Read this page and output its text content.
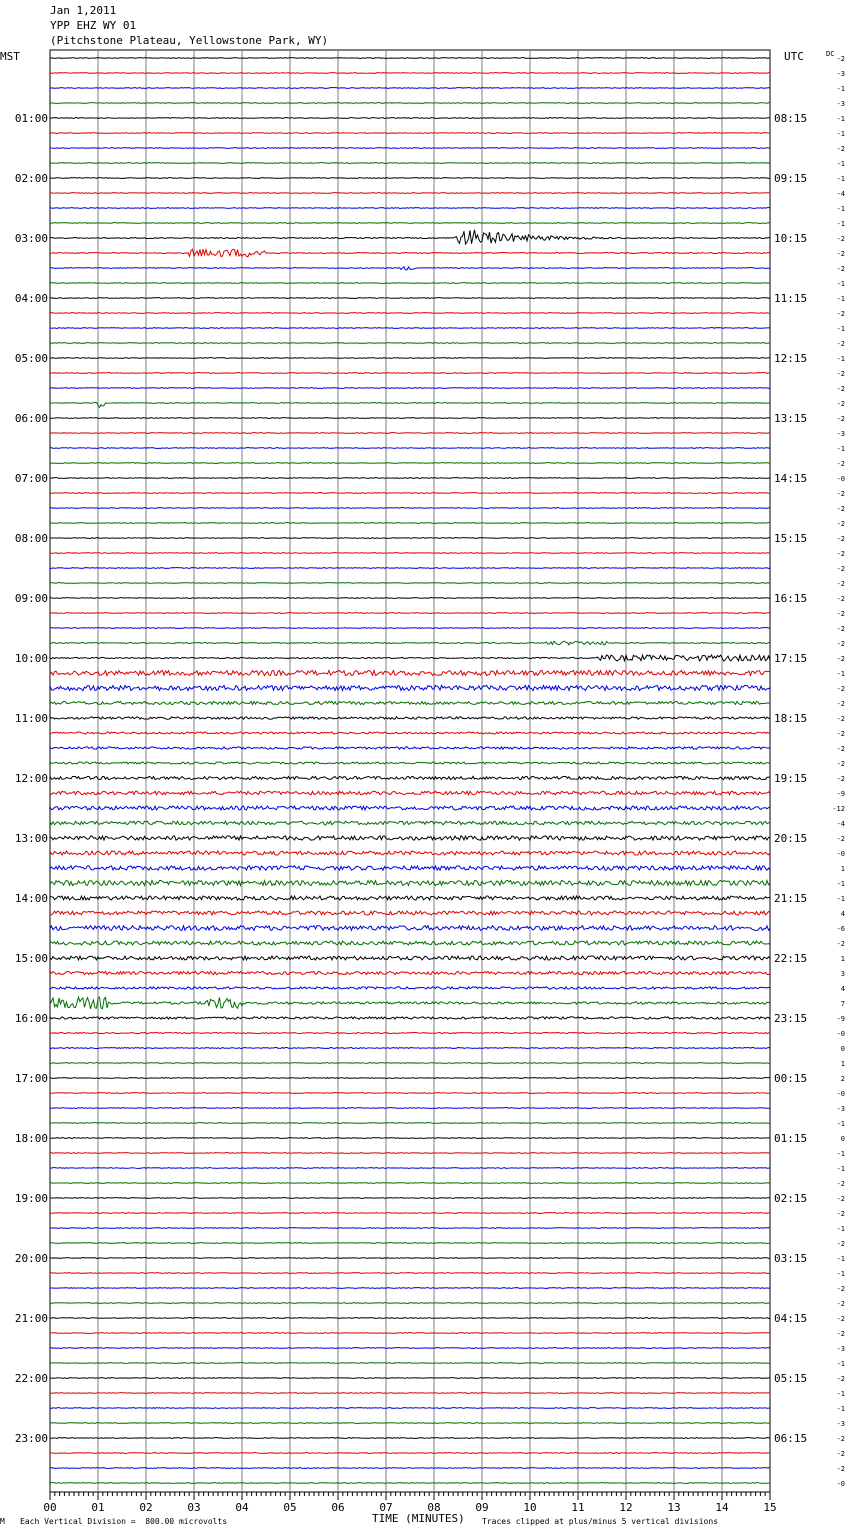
Jan 1,2011
YPP EHZ WY 01
(Pitchstone Plateau, Yellowstone Park, WY)
MST	UTC
M Each Vertical Division =  800.00 microvolts	TIME (MINUTES) Traces clipped at plus/minus 5 vertical divisions
-2
-3
-1
-3
-1
-1
-2
-1
-1
-4
-1
-1
-2
-2
-2
-1
-1
-2
-1
-2
-1
-2
-2
-2
-2
-3
-1
-2
-0
-2
-2
-2
-2
-2
-2
-2
-2
-2
-2
-2
-2
-1
-2
-2
-2
-2
-2
-2
-2
-9
-12
-4
-2
-0
1
-1
-1
4
-6
-2
1
3
4
7
-9
-0
0
1
2
-0
-3
-1
0
-1
-1
-2
-2
-2
-1
-2
-1
-1
-2
-2
-2
-2
-3
-1
-2
-1
-1
-3
-2
-2
-2
-0
DC
01:00
02:00
03:00
04:00
05:00
06:00
07:00
08:00
09:00
10:00
11:00
12:00
13:00
14:00
15:00
16:00
17:00
18:00
19:00
20:00
21:00
22:00
23:00
08:15
09:15
10:15
11:15
12:15
13:15
14:15
15:15
16:15
17:15
18:15
19:15
20:15
21:15
22:15
23:15
00:15
01:15
02:15
03:15
04:15
05:15
06:15
00	01	02	03	04	05	06	07	08	09	10	11	12	13	14	15
